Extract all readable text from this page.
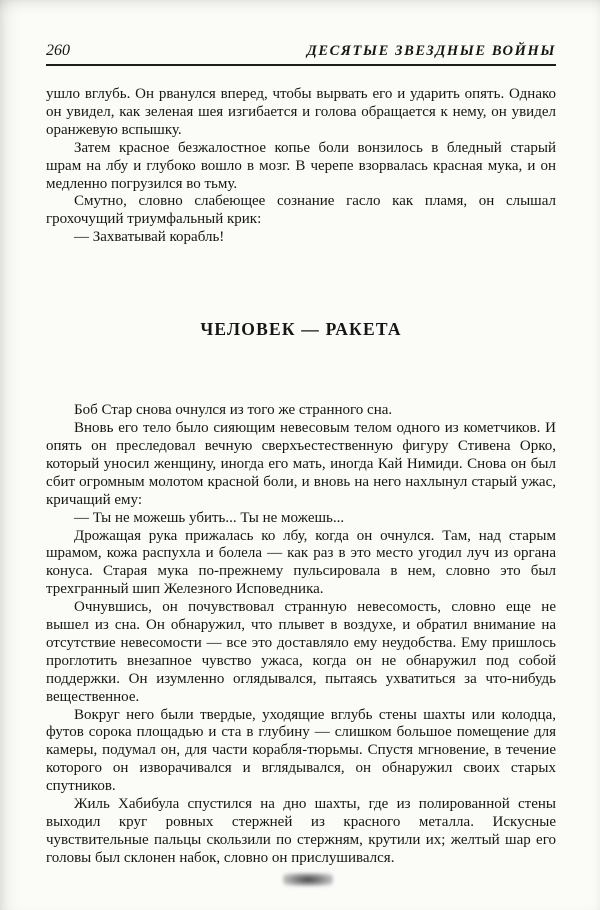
260	ДЕСЯТЫЕ ЗВЕЗДНЫЕ ВОЙНЫ

ушло вглубь. Он рванулся вперед, чтобы вырвать его и ударить опять. Однако он увидел, как зеленая шея изгибается и голова обращается к нему, он увидел оранжевую вспышку.

Затем красное безжалостное копье боли вонзилось в бледный старый шрам на лбу и глубоко вошло в мозг. В черепе взорвалась красная мука, и он медленно погрузился во тьму.

Смутно, словно слабеющее сознание гасло как пламя, он слышал грохочущий триумфальный крик:

— Захватывай корабль!

ЧЕЛОВЕК — РАКЕТА

Боб Стар снова очнулся из того же странного сна.

Вновь его тело было сияющим невесовым телом одного из кометчиков. И опять он преследовал вечную сверхъестественную фигуру Стивена Орко, который уносил женщину, иногда его мать, иногда Кай Нимиди. Снова он был сбит огромным молотом красной боли, и вновь на него нахлынул старый ужас, кричащий ему:

— Ты не можешь убить... Ты не можешь...

Дрожащая рука прижалась ко лбу, когда он очнулся. Там, над старым шрамом, кожа распухла и болела — как раз в это место угодил луч из органа конуса. Старая мука по-прежнему пульсировала в нем, словно это был трехгранный шип Железного Исповедника.

Очнувшись, он почувствовал странную невесомость, словно еще не вышел из сна. Он обнаружил, что плывет в воздухе, и обратил внимание на отсутствие невесомости — все это доставляло ему неудобства. Ему пришлось проглотить внезапное чувство ужаса, когда он не обнаружил под собой поддержки. Он изумленно оглядывался, пытаясь ухватиться за что-нибудь вещественное.

Вокруг него были твердые, уходящие вглубь стены шахты или колодца, футов сорока площадью и ста в глубину — слишком большое помещение для камеры, подумал он, для части корабля-тюрьмы. Спустя мгновение, в течение которого он изворачивался и вглядывался, он обнаружил своих старых спутников.

Жиль Хабибула спустился на дно шахты, где из полированной стены выходил круг ровных стержней из красного металла. Искусные чувствительные пальцы скользили по стержням, крутили их; желтый шар его головы был склонен набок, словно он прислушивался.
